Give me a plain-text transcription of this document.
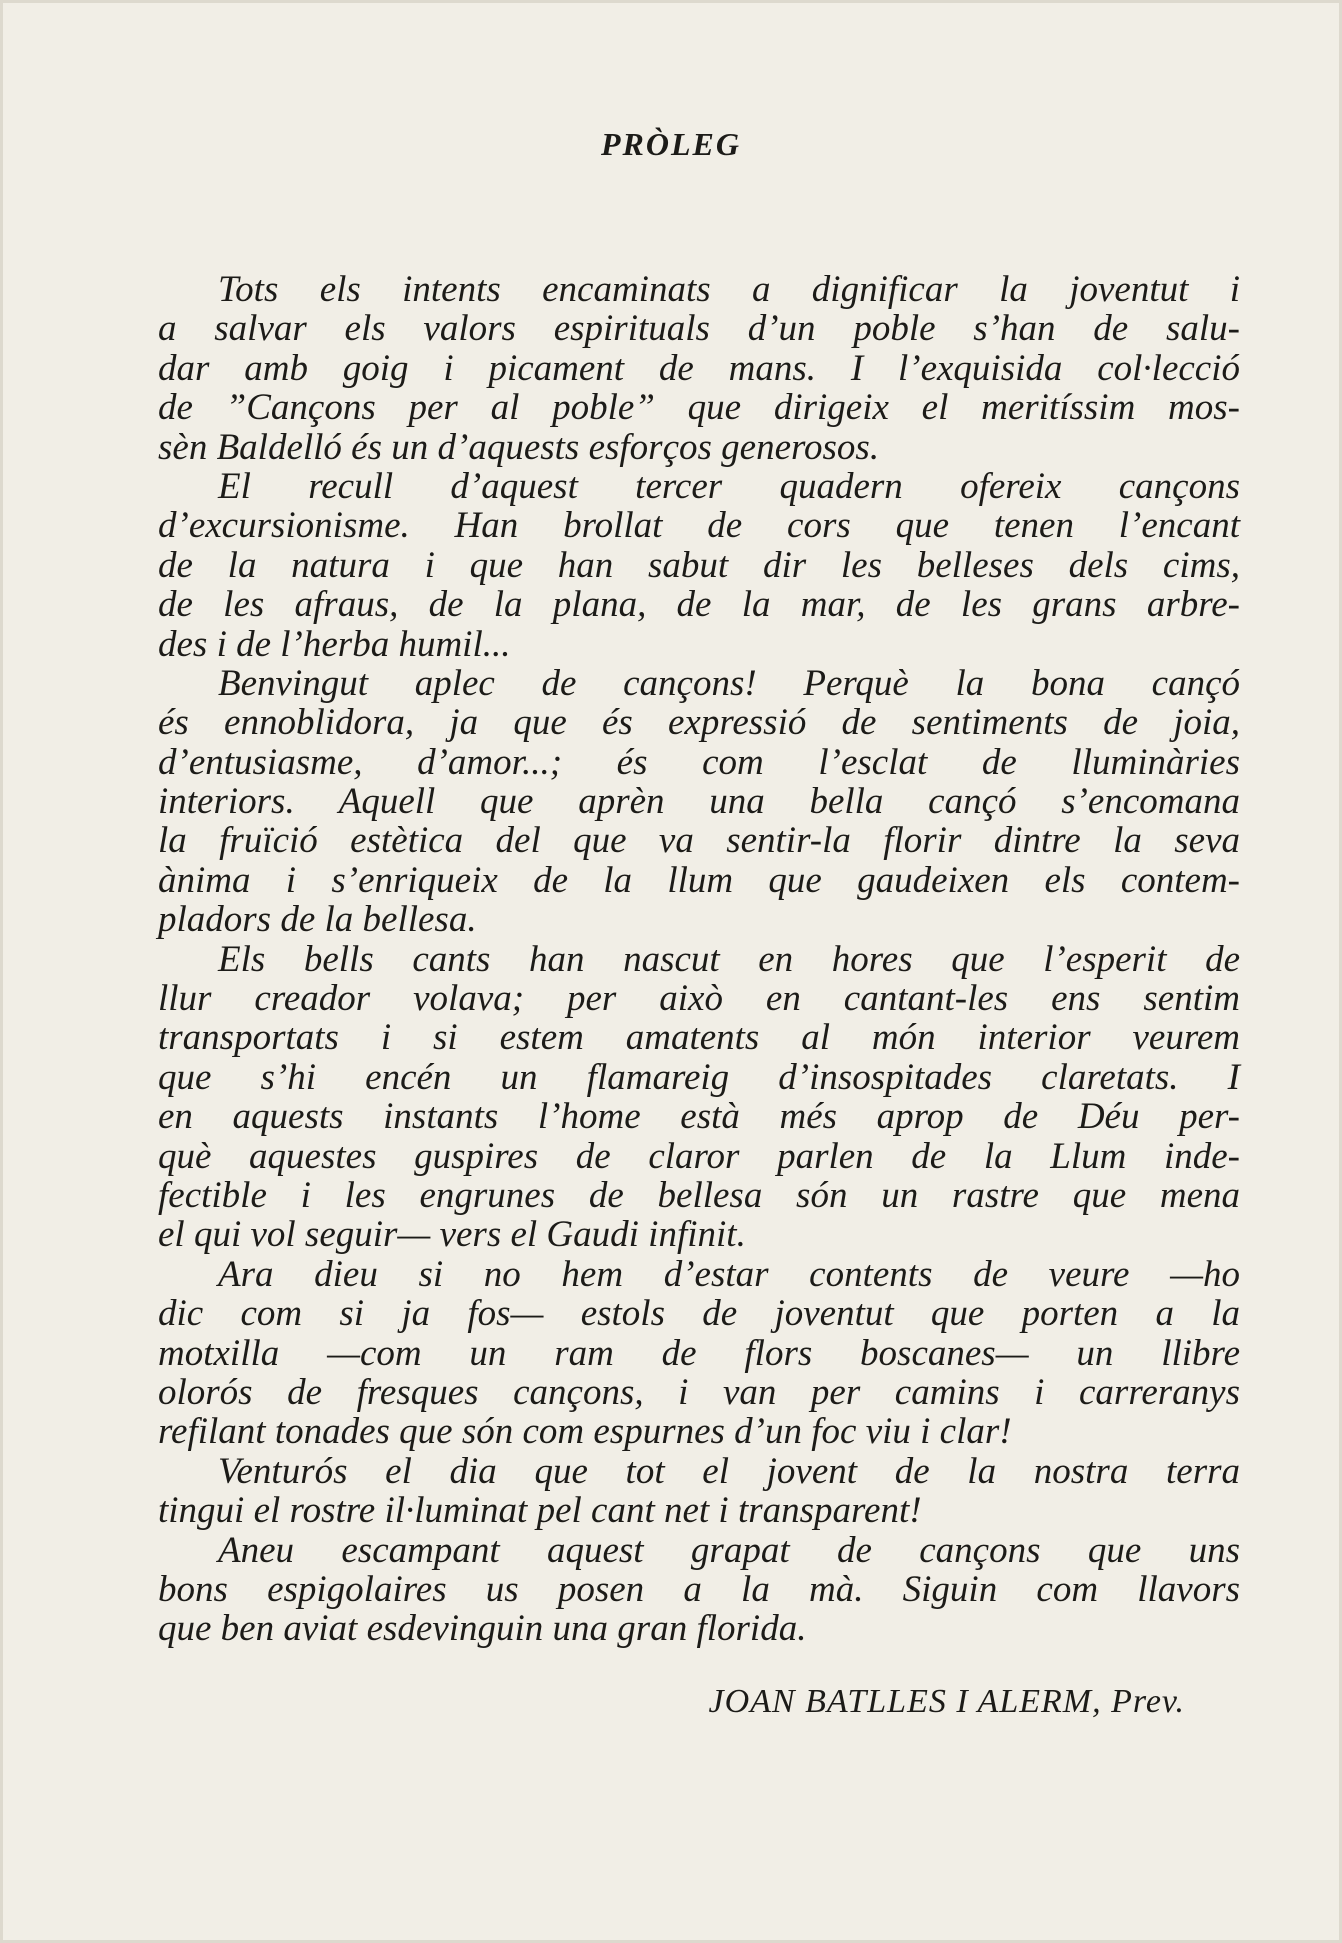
PRÒLEG
Tots els intents encaminats a dignificar la joventut i
a salvar els valors espirituals d’un poble s’han de salu-
dar amb goig i picament de mans. I l’exquisida col·lecció
de ”Cançons per al poble” que dirigeix el meritíssim mos-
sèn Baldelló és un d’aquests esforços generosos.
El recull d’aquest tercer quadern ofereix cançons
d’excursionisme. Han brollat de cors que tenen l’encant
de la natura i que han sabut dir les belleses dels cims,
de les afraus, de la plana, de la mar, de les grans arbre-
des i de l’herba humil...
Benvingut aplec de cançons! Perquè la bona cançó
és ennoblidora, ja que és expressió de sentiments de joia,
d’entusiasme, d’amor...; és com l’esclat de lluminàries
interiors. Aquell que aprèn una bella cançó s’encomana
la fruïció estètica del que va sentir-la florir dintre la seva
ànima i s’enriqueix de la llum que gaudeixen els contem-
pladors de la bellesa.
Els bells cants han nascut en hores que l’esperit de
llur creador volava; per això en cantant-les ens sentim
transportats i si estem amatents al món interior veurem
que s’hi encén un flamareig d’insospitades claretats. I
en aquests instants l’home està més aprop de Déu per-
què aquestes guspires de claror parlen de la Llum inde-
fectible i les engrunes de bellesa són un rastre que mena
el qui vol seguir— vers el Gaudi infinit.
Ara dieu si no hem d’estar contents de veure —ho
dic com si ja fos— estols de joventut que porten a la
motxilla —com un ram de flors boscanes— un llibre
olorós de fresques cançons, i van per camins i carreranys
refilant tonades que són com espurnes d’un foc viu i clar!
Venturós el dia que tot el jovent de la nostra terra
tingui el rostre il·luminat pel cant net i transparent!
Aneu escampant aquest grapat de cançons que uns
bons espigolaires us posen a la mà. Siguin com llavors
que ben aviat esdevinguin una gran florida.
JOAN BATLLES I ALERM, Prev.
